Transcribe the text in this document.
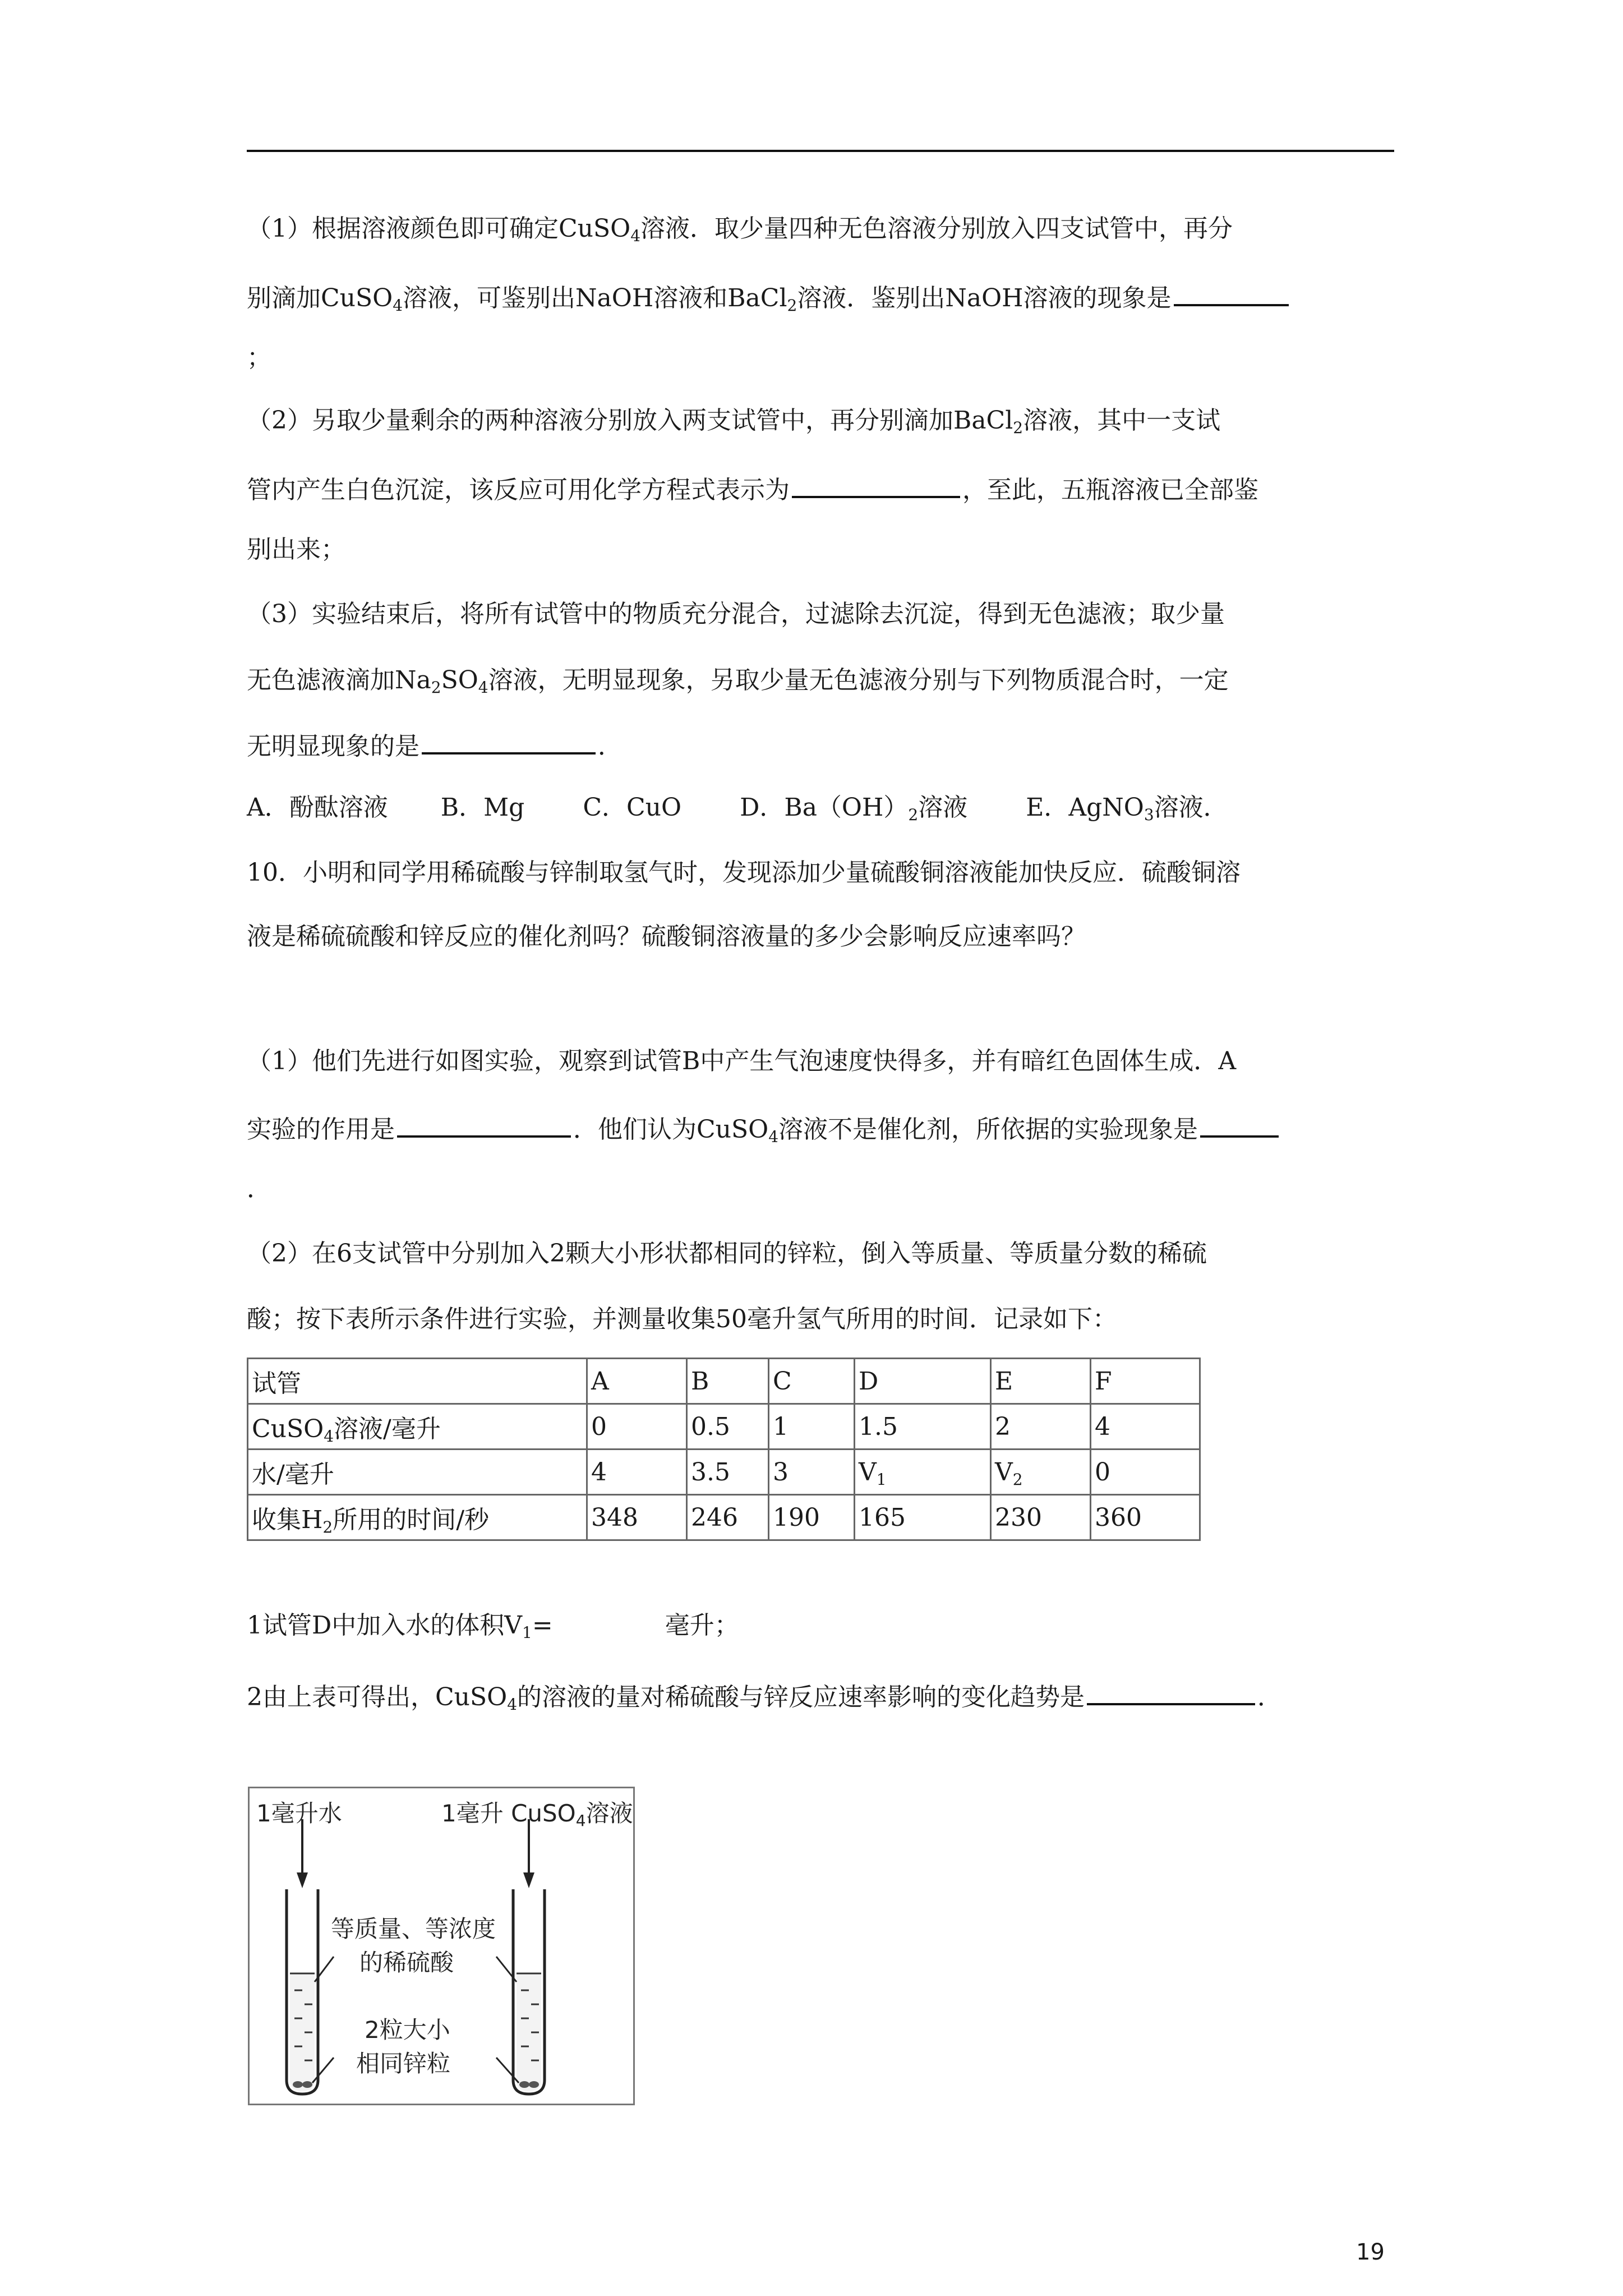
（1）根据溶液颜色即可确定CuSO$_4$溶液．取少量四种无色溶液分别放入四支试管中，再分
别滴加CuSO$_4$溶液，可鉴别出NaOH溶液和BaCl$_2$溶液．鉴别出NaOH溶液的现象是
；
（2）另取少量剩余的两种溶液分别放入两支试管中，再分别滴加BaCl$_2$溶液，其中一支试
管内产生白色沉淀，该反应可用化学方程式表示为	，至此，五瓶溶液已全部鉴
别出来；
（3）实验结束后，将所有试管中的物质充分混合，过滤除去沉淀，得到无色滤液；取少量
无色滤液滴加$Na_2SO_4$溶液，无明显现象，另取少量无色滤液分别与下列物质混合时，一定
无明显现象的是	．
A．酚酞溶液 B．Mg C．CuO D．$Ba(OH)_2$溶液 E．AgNO$_3$溶液．
10．小明和同学用稀硫酸与锌制取氢气时，发现添加少量硫酸铜溶液能加快反应．硫酸铜溶
液是稀硫硫酸和锌反应的催化剂吗？硫酸铜溶液量的多少会影响反应速率吗？
（1）他们先进行如图实验，观察到试管B中产生气泡速度快得多，并有暗红色固体生成．A
实验的作用是	．他们认为CuSO$_4$溶液不是催化剂，所依据的实验现象是
．
（2）在6支试管中分别加入2颗大小形状都相同的锌粒，倒入等质量、等质量分数的稀硫
酸；按下表所示条件进行实验，并测量收集50毫升氢气所用的时间．记录如下：
试管	A	B	C	D	E	F
CuSO$_4$溶液/毫升	0	0.5	1	1.5	2	4
水/毫升	4	3.5	3	$V_1$	$V_2$	0
收集$H_2$所用的时间/秒	348	246	190	165	230	360
1试管D中加入水的体积$V_1=$	毫升；
2由上表可得出，CuSO$_4$的溶液的量对稀硫酸与锌反应速率影响的变化趋势是	．
1毫升水	1毫升 CuSO$_4$溶液
等质量、等浓度
的稀硫酸
2粒大小
相同锌粒
19
